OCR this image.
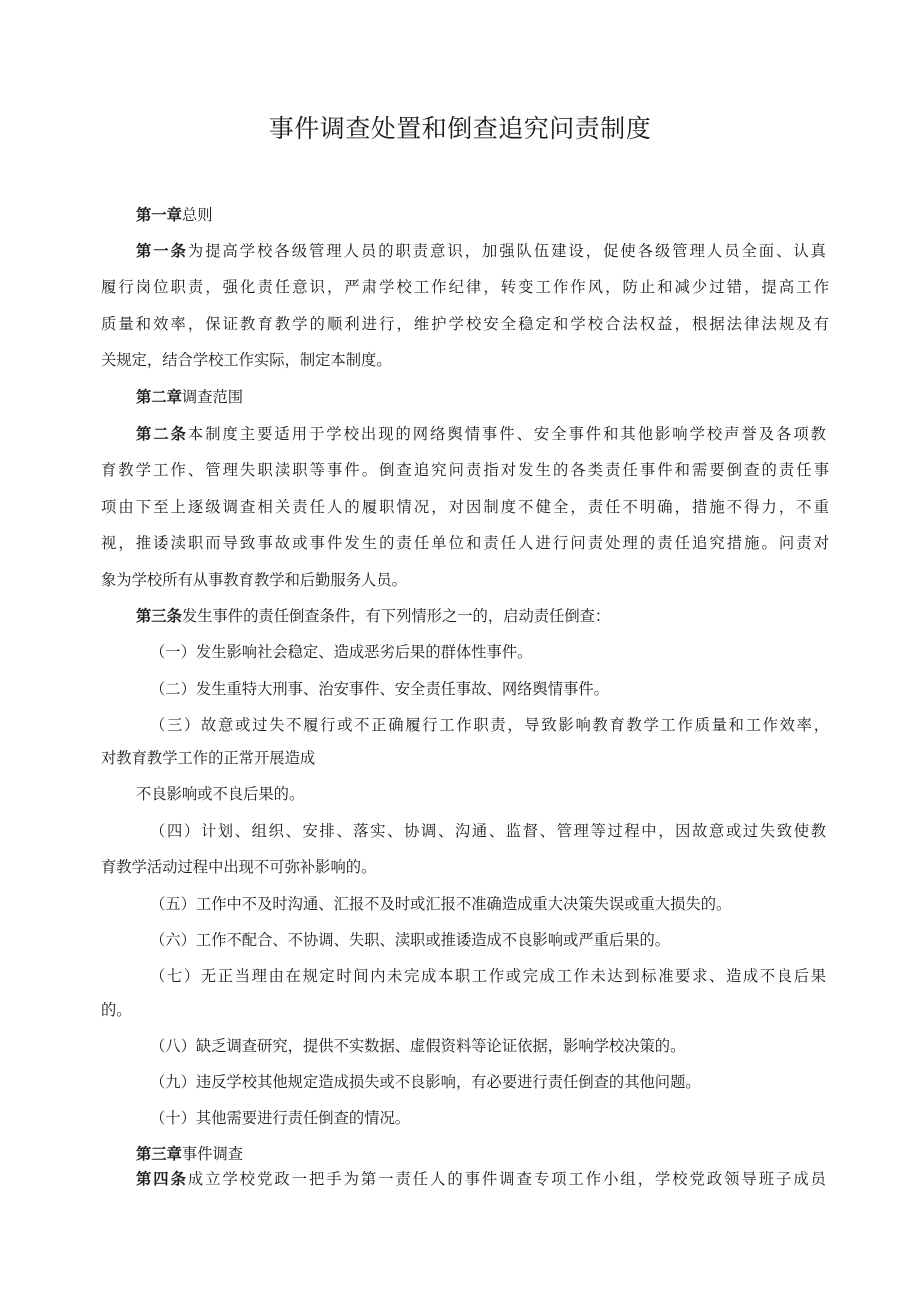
事件调查处置和倒查追究问责制度
第一章总则
第一条为提高学校各级管理人员的职责意识，加强队伍建设，促使各级管理人员全面、认真
履行岗位职责，强化责任意识，严肃学校工作纪律，转变工作作风，防止和减少过错，提高工作
质量和效率，保证教育教学的顺利进行，维护学校安全稳定和学校合法权益，根据法律法规及有
关规定，结合学校工作实际，制定本制度。
第二章调查范围
第二条本制度主要适用于学校出现的网络舆情事件、安全事件和其他影响学校声誉及各项教
育教学工作、管理失职渎职等事件。倒查追究问责指对发生的各类责任事件和需要倒查的责任事
项由下至上逐级调查相关责任人的履职情况，对因制度不健全，责任不明确，措施不得力，不重
视，推诿渎职而导致事故或事件发生的责任单位和责任人进行问责处理的责任追究措施。问责对
象为学校所有从事教育教学和后勤服务人员。
第三条发生事件的责任倒查条件，有下列情形之一的，启动责任倒查：
（一）发生影响社会稳定、造成恶劣后果的群体性事件。
（二）发生重特大刑事、治安事件、安全责任事故、网络舆情事件。
（三）故意或过失不履行或不正确履行工作职责，导致影响教育教学工作质量和工作效率，
对教育教学工作的正常开展造成
不良影响或不良后果的。
（四）计划、组织、安排、落实、协调、沟通、监督、管理等过程中，因故意或过失致使教
育教学活动过程中出现不可弥补影响的。
（五）工作中不及时沟通、汇报不及时或汇报不准确造成重大决策失误或重大损失的。
（六）工作不配合、不协调、失职、渎职或推诿造成不良影响或严重后果的。
（七）无正当理由在规定时间内未完成本职工作或完成工作未达到标准要求、造成不良后果
的。
（八）缺乏调查研究，提供不实数据、虚假资料等论证依据，影响学校决策的。
（九）违反学校其他规定造成损失或不良影响，有必要进行责任倒查的其他问题。
（十）其他需要进行责任倒查的情况。
第三章事件调查
第四条成立学校党政一把手为第一责任人的事件调查专项工作小组，学校党政领导班子成员
